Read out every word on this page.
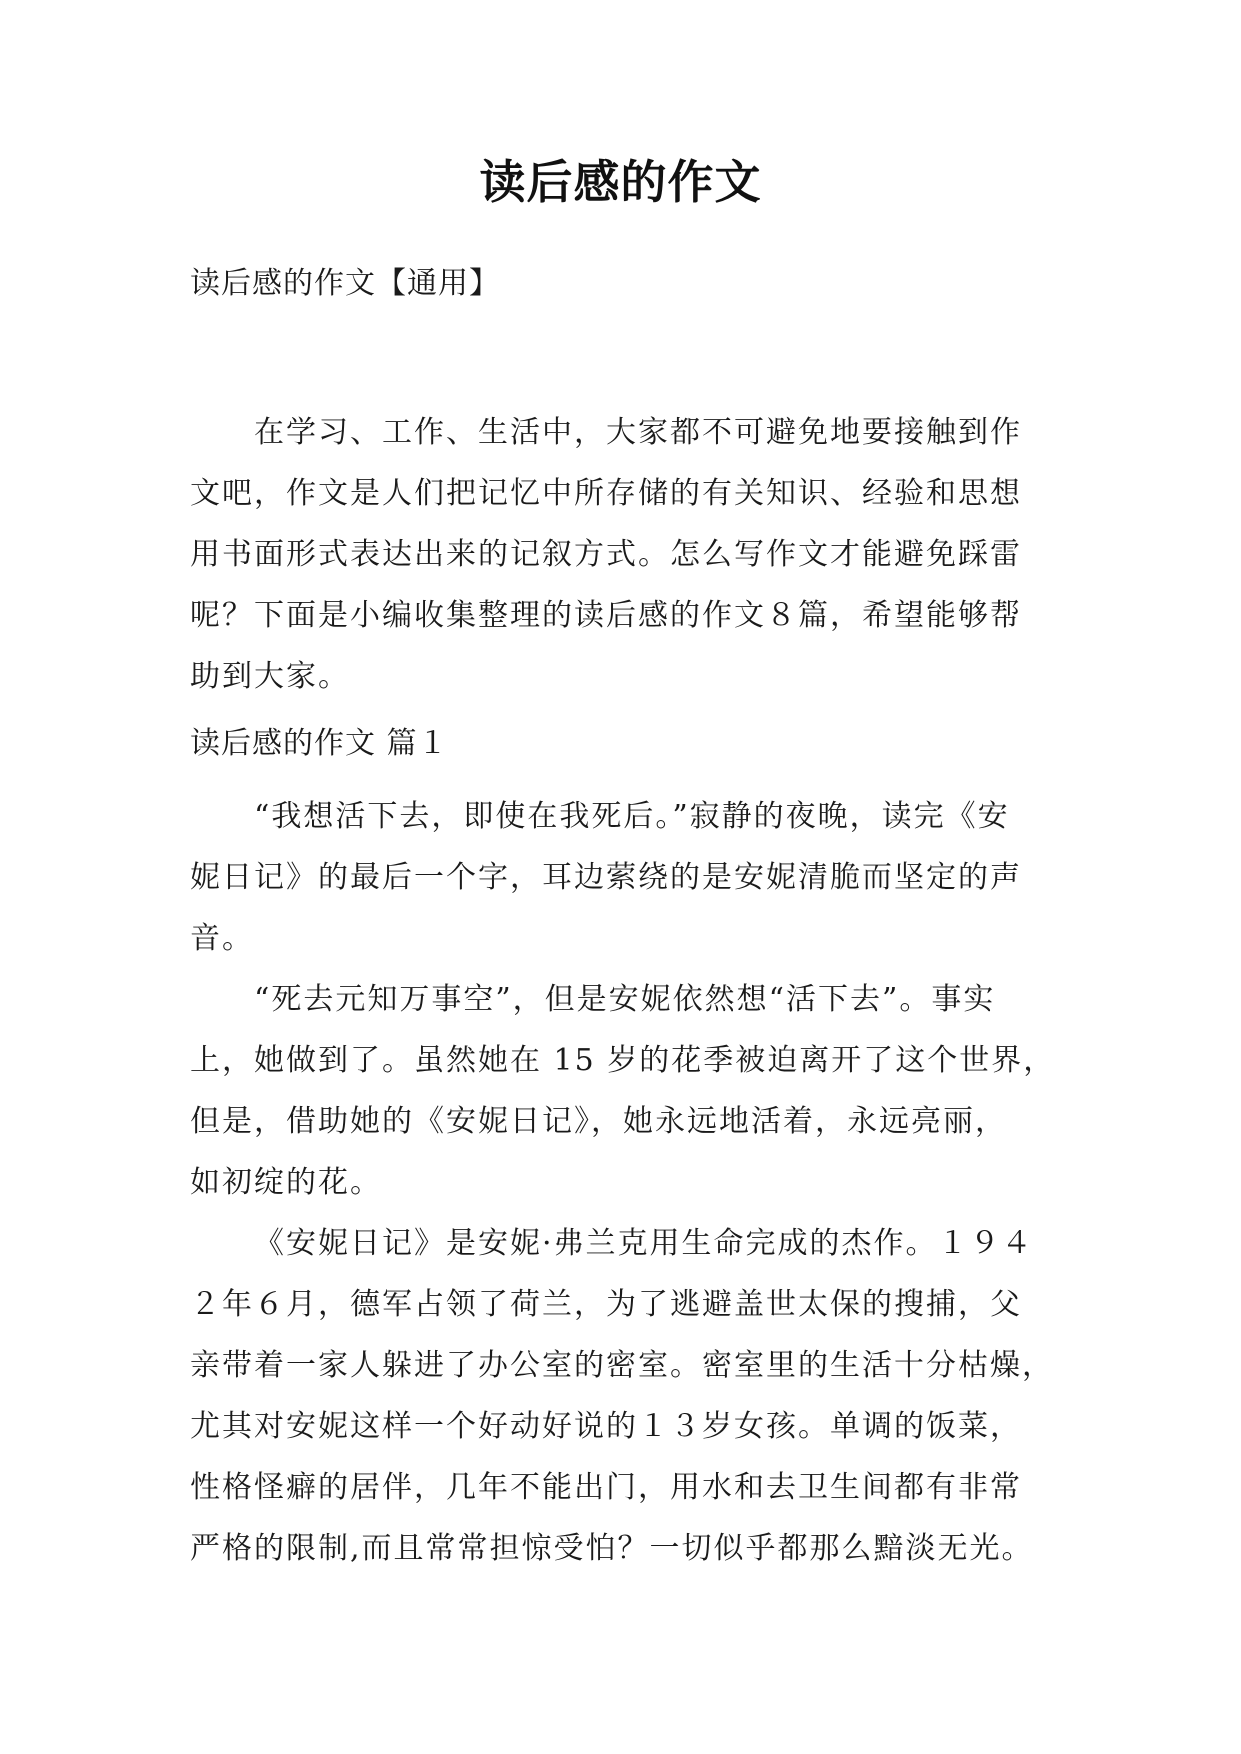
读后感的作文
读后感的作文【通用】
在学习、工作、生活中，大家都不可避免地要接触到作
文吧，作文是人们把记忆中所存储的有关知识、经验和思想
用书面形式表达出来的记叙方式。怎么写作文才能避免踩雷
呢？下面是小编收集整理的读后感的作文８篇，希望能够帮
助到大家。
读后感的作文 篇１
“我想活下去，即使在我死后。”寂静的夜晚，读完《安
妮日记》的最后一个字，耳边萦绕的是安妮清脆而坚定的声
音。
“死去元知万事空”，但是安妮依然想“活下去”。事实
上，她做到了。虽然她在 15 岁的花季被迫离开了这个世界，
但是，借助她的《安妮日记》，她永远地活着，永远亮丽，
如初绽的花。
《安妮日记》是安妮·弗兰克用生命完成的杰作。１９４
２年６月，德军占领了荷兰，为了逃避盖世太保的搜捕，父
亲带着一家人躲进了办公室的密室。密室里的生活十分枯燥，
尤其对安妮这样一个好动好说的１３岁女孩。单调的饭菜，
性格怪癖的居伴，几年不能出门，用水和去卫生间都有非常
严格的限制,而且常常担惊受怕？一切似乎都那么黯淡无光。
